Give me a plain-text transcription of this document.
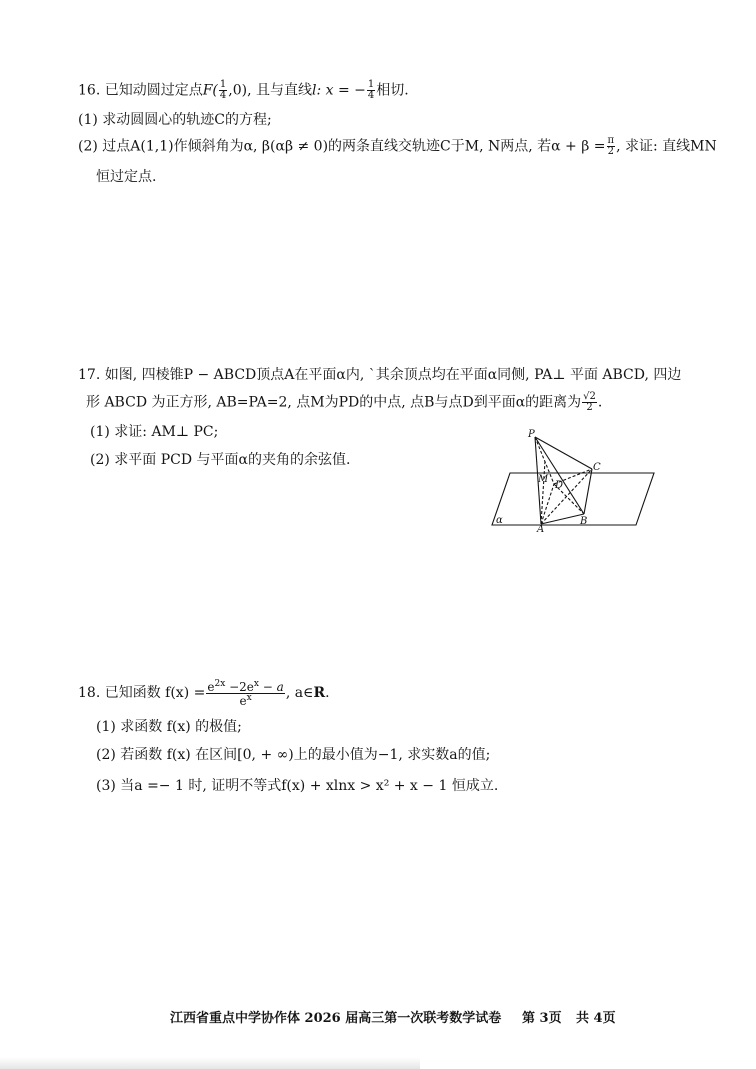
16. 已知动圆过定点$F( \frac{1}{4} ,0)$, 且与直线l: x = − $\frac{1}{4}$ 相切.
(1) 求动圆圆心的轨迹C的方程;
(2) 过点A(1,1)作倾斜角为α, β(αβ ≠ 0)的两条直线交轨迹C于M, N两点, 若$\alpha + \beta = \frac{\pi}{2}$ , 求证: 直线MN
恒过定点.
17. 如图, 四棱锥P − ABCD顶点A在平面α内, `其余顶点均在平面α同侧, PA⊥ 平面 ABCD, 四边
形 ABCD 为正方形, AB=PA=2, 点M为PD的中点, 点B与点D到平面α的距离为 $\frac{√2}{2}$ .
(1) 求证: AM⊥ PC;
(2) 求平面 PCD 与平面α的夹角的余弦值.
P
C
M
D
A
B
α
18. 已知函数 $f(x) = \frac{e^{2x} -2e^x - a}{e^x}$ , a∈R.
(1) 求函数 f(x) 的极值;
(2) 若函数 f(x) 在区间[0, + ∞)上的最小值为−1, 求实数a的值;
(3) 当a =− 1 时, 证明不等式f(x) + xlnx > x² + x − 1 恒成立.
江西省重点中学协作体 2026 届高三第一次联考数学试卷 第 3页 共 4页
